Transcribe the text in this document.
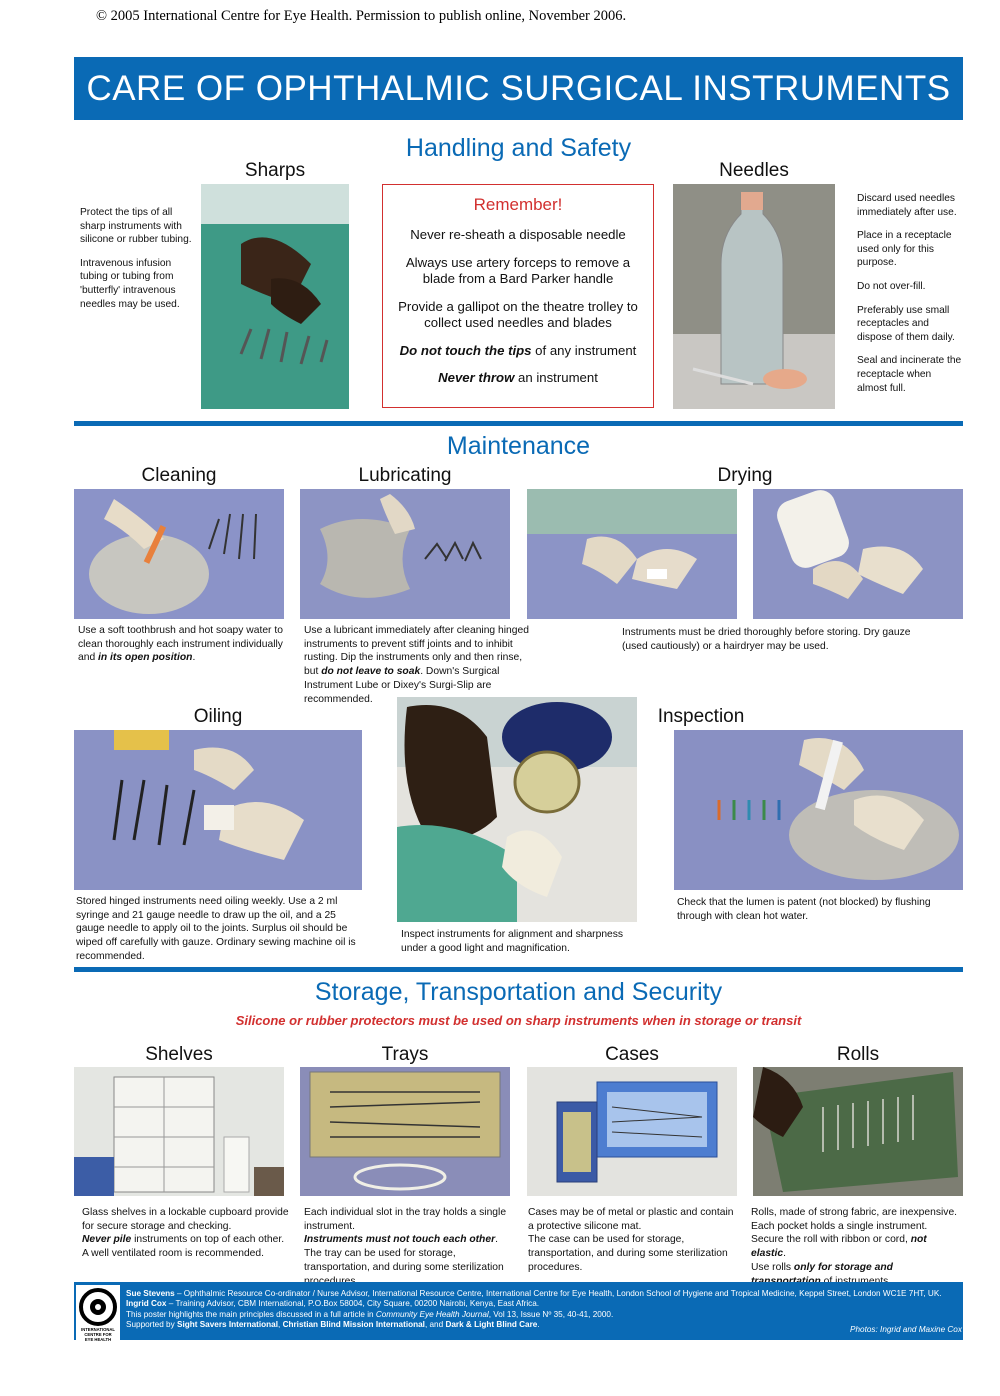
© 2005 International Centre for Eye Health. Permission to publish online, November 2006.
CARE OF OPHTHALMIC SURGICAL INSTRUMENTS
Handling and Safety
Sharps

Protect the tips of all sharp instruments with silicone or rubber tubing.

Intravenous infusion tubing or tubing from 'butterfly' intravenous needles may be used.

Remember!
Never re-sheath a disposable needle
Always use artery forceps to remove a blade from a Bard Parker handle
Provide a gallipot on the theatre trolley to collect used needles and blades
Do not touch the tips of any instrument
Never throw an instrument
Needles

Discard used needles immediately after use.

Place in a receptacle used only for this purpose.

Do not over-fill.

Preferably use small receptacles and dispose of them daily.

Seal and incinerate the receptacle when almost full.

Maintenance
Cleaning
Use a soft toothbrush and hot soapy water to clean thoroughly each instrument individually and in its open position.
Lubricating
Use a lubricant immediately after cleaning hinged instruments to prevent stiff joints and to inhibit rusting. Dip the instruments only and then rinse, but do not leave to soak. Down's Surgical Instrument Lube or Dixey's Surgi-Slip are recommended.
Drying
Instruments must be dried thoroughly before storing. Dry gauze (used cautiously) or a hairdryer may be used.
Oiling
Stored hinged instruments need oiling weekly. Use a 2 ml syringe and 21 gauge needle to draw up the oil, and a 25 gauge needle to apply oil to the joints. Surplus oil should be wiped off carefully with gauze. Ordinary sewing machine oil is recommended.
Inspect instruments for alignment and sharpness under a good light and magnification.
Inspection
Check that the lumen is patent (not blocked) by flushing through with clean hot water.
Storage, Transportation and Security
Silicone or rubber protectors must be used on sharp instruments when in storage or transit
Shelves
Glass shelves in a lockable cupboard provide for secure storage and checking.
Never pile instruments on top of each other.
A well ventilated room is recommended.
Trays
Each individual slot in the tray holds a single instrument.
Instruments must not touch each other.
The tray can be used for storage, transportation, and during some sterilization
Cases
Cases may be of metal or plastic and contain a protective silicone mat.
The case can be used for storage, transportation, and during some sterilization procedures.
Rolls
Rolls, made of strong fabric, are inexpensive.
Each pocket holds a single instrument.
Secure the roll with ribbon or cord, not elastic.
Use rolls only for storage and
INTERNATIONAL
CENTRE FOR
EYE HEALTH
Sue Stevens – Ophthalmic Resource Co-ordinator / Nurse Advisor, International Resource Centre, International Centre for Eye Health, London School of Hygiene and Tropical Medicine, Keppel Street, London WC1E 7HT, UK.
Ingrid Cox – Training Advisor, CBM International, P.O.Box 58004, City Square, 00200 Nairobi, Kenya, East Africa.
This poster highlights the main principles discussed in a full article in Community Eye Health Journal, Vol 13, Issue Nº 35, 40-41, 2000.
Supported by Sight Savers International, Christian Blind Mission International, and Dark & Light Blind Care.
Photos: Ingrid and Maxine Cox
